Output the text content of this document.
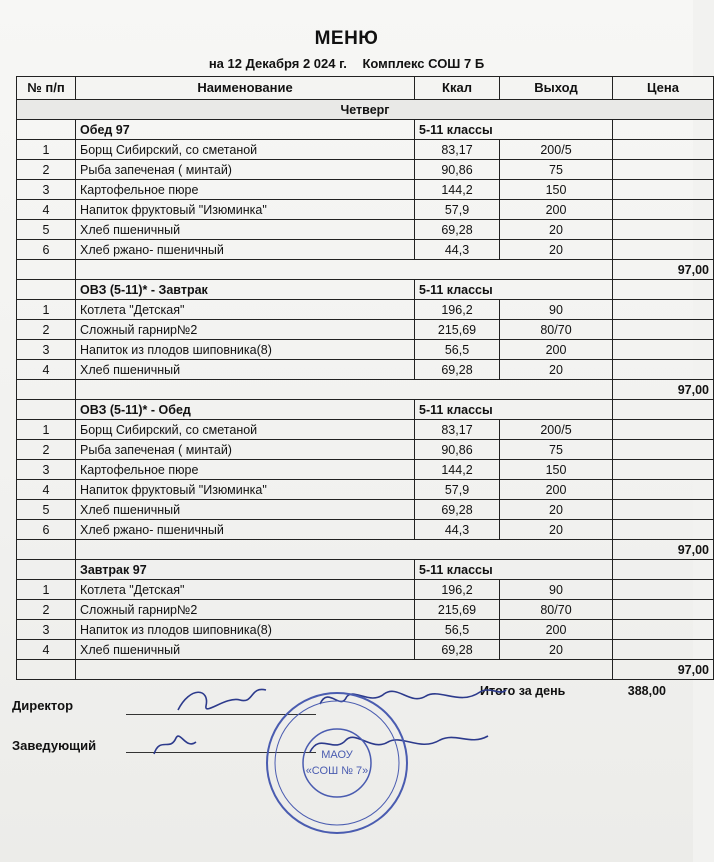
МЕНЮ
на 12 Декабря 2 024 г. Комплекс СОШ 7 Б
№ п/п	Наименование	Ккал	Выход	Цена
Четверг				
	Обед 97	5-11 классы		
1	Борщ Сибирский, со сметаной	83,17	200/5	
2	Рыба запеченая ( минтай)	90,86	75	
3	Картофельное пюре	144,2	150	
4	Напиток фруктовый "Изюминка"	57,9	200	
5	Хлеб пшеничный	69,28	20	
6	Хлеб ржано- пшеничный	44,3	20	
				97,00
	ОВЗ (5-11)* - Завтрак	5-11 классы		
1	Котлета "Детская"	196,2	90	
2	Сложный гарнир№2	215,69	80/70	
3	Напиток из плодов шиповника(8)	56,5	200	
4	Хлеб пшеничный	69,28	20	
				97,00
	ОВЗ (5-11)* - Обед	5-11 классы		
1	Борщ Сибирский, со сметаной	83,17	200/5	
2	Рыба запеченая ( минтай)	90,86	75	
3	Картофельное пюре	144,2	150	
4	Напиток фруктовый "Изюминка"	57,9	200	
5	Хлеб пшеничный	69,28	20	
6	Хлеб ржано- пшеничный	44,3	20	
				97,00
	Завтрак 97	5-11 классы		
1	Котлета "Детская"	196,2	90	
2	Сложный гарнир№2	215,69	80/70	
3	Напиток из плодов шиповника(8)	56,5	200	
4	Хлеб пшеничный	69,28	20	
				97,00
Итого за день	388,00
Директор
Заведующий
МАОУ
«СОШ № 7»
